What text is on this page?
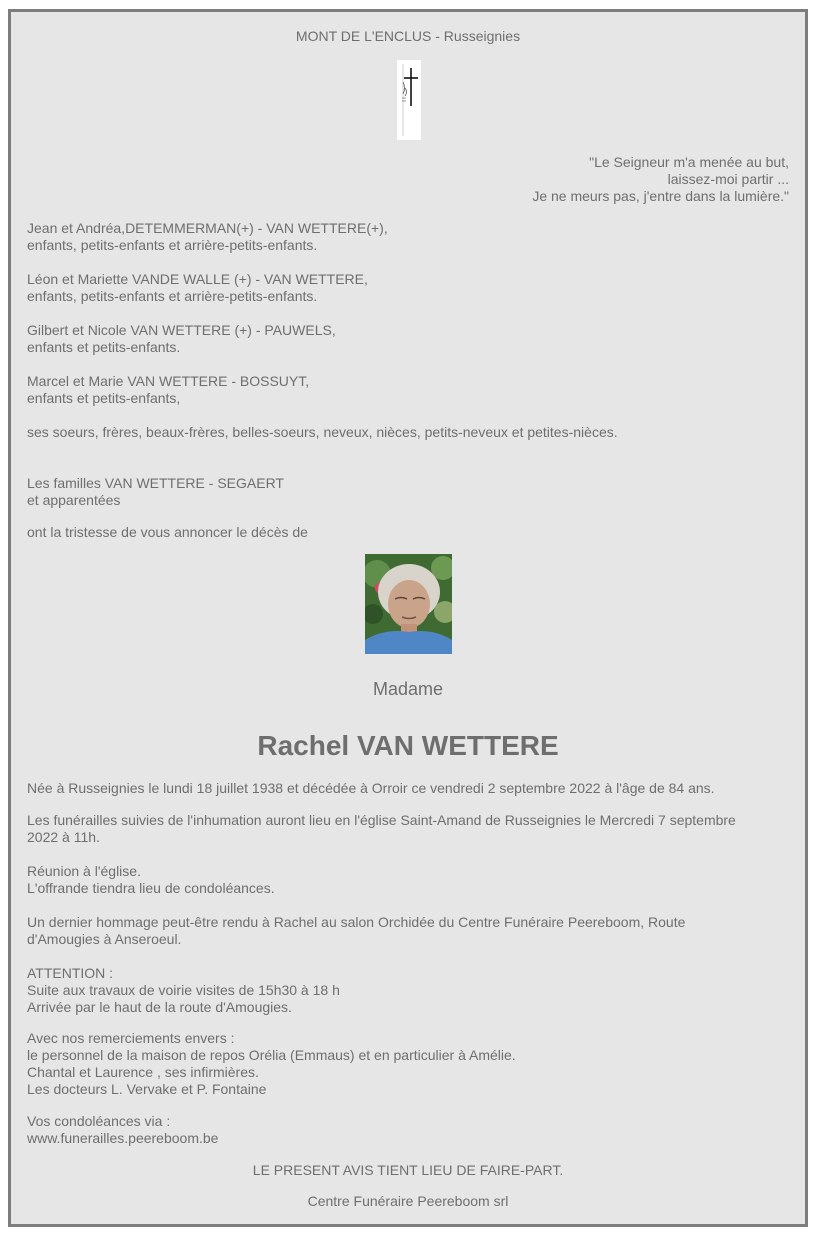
MONT DE L'ENCLUS - Russeignies
"Le Seigneur m'a menée au but,
laissez-moi partir ...
Je ne meurs pas, j'entre dans la lumière."
Jean et Andréa,DETEMMERMAN(+) - VAN WETTERE(+),
enfants, petits-enfants et arrière-petits-enfants.
Léon et Mariette VANDE WALLE (+) - VAN WETTERE,
enfants, petits-enfants et arrière-petits-enfants.
Gilbert et Nicole VAN WETTERE (+) - PAUWELS,
enfants et petits-enfants.
Marcel et Marie VAN WETTERE - BOSSUYT,
enfants et petits-enfants,
ses soeurs, frères, beaux-frères, belles-soeurs, neveux, nièces, petits-neveux et petites-nièces.
Les familles VAN WETTERE - SEGAERT
et apparentées
ont la tristesse de vous annoncer le décès de
Madame
Rachel VAN WETTERE
Née à Russeignies le lundi 18 juillet 1938 et décédée à Orroir ce vendredi 2 septembre 2022 à l'âge de 84 ans.
Les funérailles suivies de l'inhumation auront lieu en l'église Saint-Amand de Russeignies le Mercredi 7 septembre
2022 à 11h.
Réunion à l'église.
L'offrande tiendra lieu de condoléances.
Un dernier hommage peut-être rendu à Rachel au salon Orchidée du Centre Funéraire Peereboom, Route
d'Amougies à Anseroeul.
ATTENTION :
Suite aux travaux de voirie visites de 15h30 à 18 h
Arrivée par le haut de la route d'Amougies.
Avec nos remerciements envers :
le personnel de la maison de repos Orélia (Emmaus) et en particulier à Amélie.
Chantal et Laurence , ses infirmières.
Les docteurs L. Vervake et P. Fontaine
Vos condoléances via :
www.funerailles.peereboom.be
LE PRESENT AVIS TIENT LIEU DE FAIRE-PART.
Centre Funéraire Peereboom srl
